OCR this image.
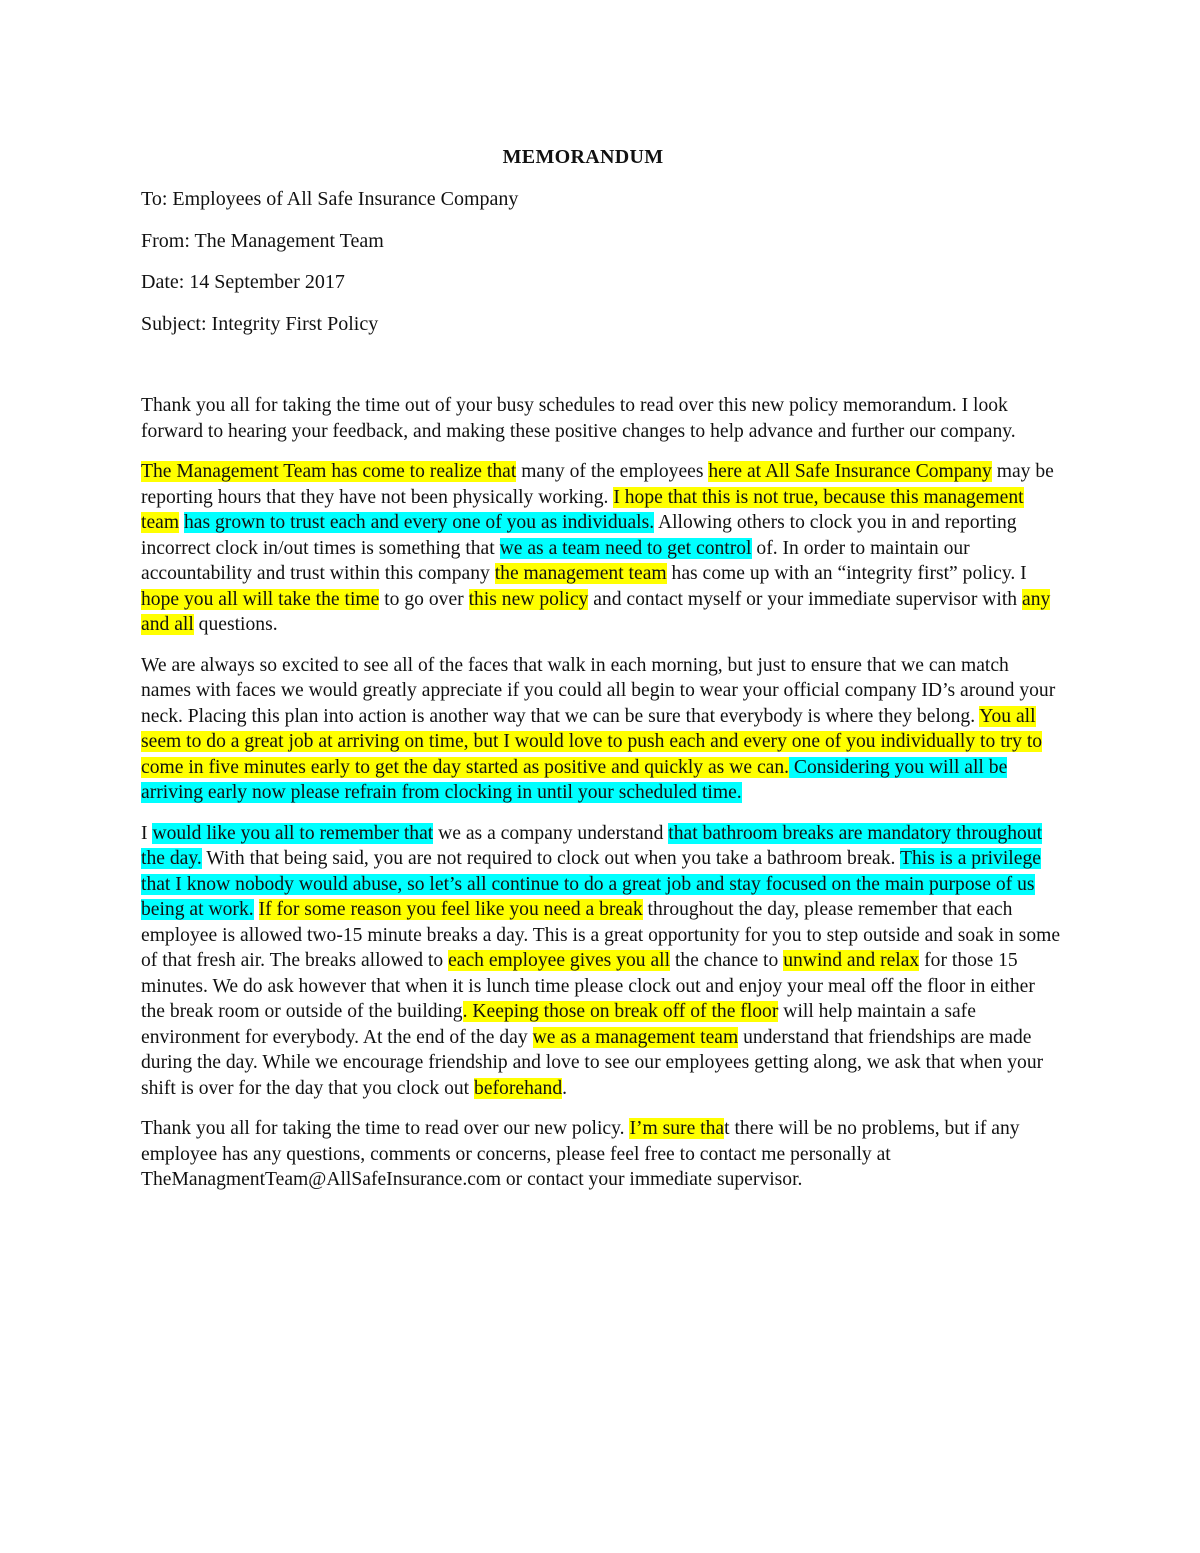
MEMORANDUM

To: Employees of All Safe Insurance Company

From: The Management Team

Date: 14 September 2017

Subject: Integrity First Policy

Thank you all for taking the time out of your busy schedules to read over this new policy memorandum. I look forward to hearing your feedback, and making these positive changes to help advance and further our company.

The Management Team has come to realize that many of the employees here at All Safe Insurance Company may be reporting hours that they have not been physically working. I hope that this is not true, because this management team has grown to trust each and every one of you as individuals. Allowing others to clock you in and reporting incorrect clock in/out times is something that we as a team need to get control of. In order to maintain our accountability and trust within this company the management team has come up with an “integrity first” policy. I hope you all will take the time to go over this new policy and contact myself or your immediate supervisor with any and all questions.

We are always so excited to see all of the faces that walk in each morning, but just to ensure that we can match names with faces we would greatly appreciate if you could all begin to wear your official company ID’s around your neck. Placing this plan into action is another way that we can be sure that everybody is where they belong. You all seem to do a great job at arriving on time, but I would love to push each and every one of you individually to try to come in five minutes early to get the day started as positive and quickly as we can. Considering you will all be arriving early now please refrain from clocking in until your scheduled time.

I would like you all to remember that we as a company understand that bathroom breaks are mandatory throughout the day. With that being said, you are not required to clock out when you take a bathroom break. This is a privilege that I know nobody would abuse, so let’s all continue to do a great job and stay focused on the main purpose of us being at work. If for some reason you feel like you need a break throughout the day, please remember that each employee is allowed two-15 minute breaks a day. This is a great opportunity for you to step outside and soak in some of that fresh air. The breaks allowed to each employee gives you all the chance to unwind and relax for those 15 minutes. We do ask however that when it is lunch time please clock out and enjoy your meal off the floor in either the break room or outside of the building. Keeping those on break off of the floor will help maintain a safe environment for everybody. At the end of the day we as a management team understand that friendships are made during the day. While we encourage friendship and love to see our employees getting along, we ask that when your shift is over for the day that you clock out beforehand.

Thank you all for taking the time to read over our new policy. I’m sure that there will be no problems, but if any employee has any questions, comments or concerns, please feel free to contact me personally at TheManagmentTeam@AllSafeInsurance.com or contact your immediate supervisor.
